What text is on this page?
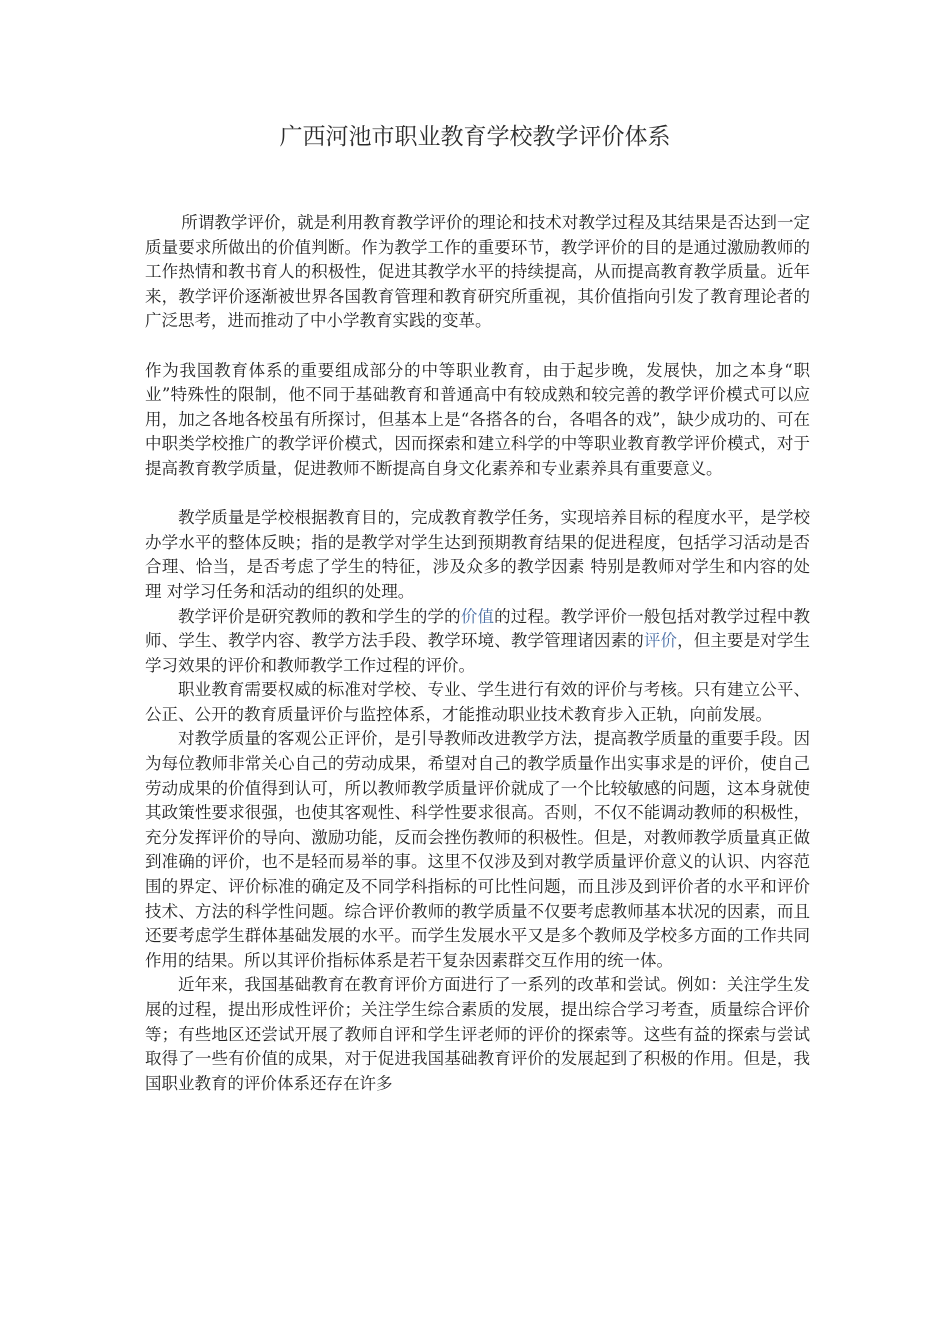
广西河池市职业教育学校教学评价体系

所谓教学评价，就是利用教育教学评价的理论和技术对教学过程及其结果是否达到一定质量要求所做出的价值判断。作为教学工作的重要环节，教学评价的目的是通过激励教师的工作热情和教书育人的积极性，促进其教学水平的持续提高，从而提高教育教学质量。近年来，教学评价逐渐被世界各国教育管理和教育研究所重视，其价值指向引发了教育理论者的广泛思考，进而推动了中小学教育实践的变革。

作为我国教育体系的重要组成部分的中等职业教育，由于起步晚，发展快，加之本身“职业”特殊性的限制，他不同于基础教育和普通高中有较成熟和较完善的教学评价模式可以应用，加之各地各校虽有所探讨，但基本上是“各搭各的台，各唱各的戏”，缺少成功的、可在中职类学校推广的教学评价模式，因而探索和建立科学的中等职业教育教学评价模式，对于提高教育教学质量，促进教师不断提高自身文化素养和专业素养具有重要意义。

教学质量是学校根据教育目的，完成教育教学任务，实现培养目标的程度水平，是学校办学水平的整体反映；指的是教学对学生达到预期教育结果的促进程度，包括学习活动是否合理、恰当，是否考虑了学生的特征，涉及众多的教学因素 特别是教师对学生和内容的处理 对学习任务和活动的组织的处理。

教学评价是研究教师的教和学生的学的价值的过程。教学评价一般包括对教学过程中教师、学生、教学内容、教学方法手段、教学环境、教学管理诸因素的评价，但主要是对学生学习效果的评价和教师教学工作过程的评价。

职业教育需要权威的标准对学校、专业、学生进行有效的评价与考核。只有建立公平、公正、公开的教育质量评价与监控体系，才能推动职业技术教育步入正轨，向前发展。

对教学质量的客观公正评价，是引导教师改进教学方法，提高教学质量的重要手段。因为每位教师非常关心自己的劳动成果，希望对自己的教学质量作出实事求是的评价，使自己劳动成果的价值得到认可，所以教师教学质量评价就成了一个比较敏感的问题，这本身就使其政策性要求很强，也使其客观性、科学性要求很高。否则，不仅不能调动教师的积极性，充分发挥评价的导向、激励功能，反而会挫伤教师的积极性。但是，对教师教学质量真正做到准确的评价，也不是轻而易举的事。这里不仅涉及到对教学质量评价意义的认识、内容范围的界定、评价标准的确定及不同学科指标的可比性问题，而且涉及到评价者的水平和评价技术、方法的科学性问题。综合评价教师的教学质量不仅要考虑教师基本状况的因素，而且还要考虑学生群体基础发展的水平。而学生发展水平又是多个教师及学校多方面的工作共同作用的结果。所以其评价指标体系是若干复杂因素群交互作用的统一体。

近年来，我国基础教育在教育评价方面进行了一系列的改革和尝试。例如：关注学生发展的过程，提出形成性评价；关注学生综合素质的发展，提出综合学习考查，质量综合评价等；有些地区还尝试开展了教师自评和学生评老师的评价的探索等。这些有益的探索与尝试取得了一些有价值的成果，对于促进我国基础教育评价的发展起到了积极的作用。但是，我国职业教育的评价体系还存在许多
